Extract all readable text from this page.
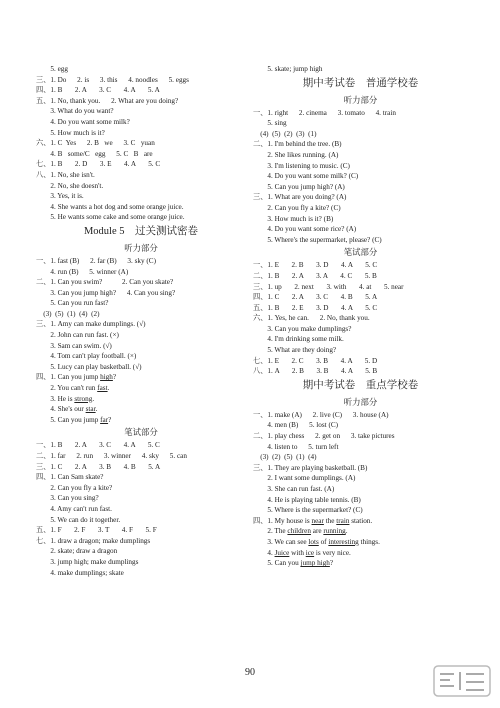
5. egg
三、1. Do      2. is      3. this      4. noodles      5. eggs
四、1. B       2. A       3. C       4. A       5. A
五、1. No, thank you.      2. What are you doing?
3. What do you want?
4. Do you want some milk?
5. How much is it?
六、1. C  Yes      2. B   we      3. C   yuan
4. B   some/C   egg      5. C   B   are
七、1. B       2. D       3. E       4. A       5. C
八、1. No, she isn't.
2. No, she doesn't.
3. Yes, it is.
4. She wants a hot dog and some orange juice.
5. He wants some cake and some orange juice.
Module 5    过关测试密卷
听力部分
一、1. fast (B)      2. far (B)      3. sky (C)
4. run (B)      5. winner (A)
二、1. Can you swim?           2. Can you skate?
3. Can you jump high?      4. Can you sing?
5. Can you run fast?
(3)  (5)  (1)  (4)  (2)
三、1. Amy can make dumplings. (√)
2. John can run fast. (×)
3. Sam can swim. (√)
4. Tom can't play football. (×)
5. Lucy can play basketball. (√)
四、1. Can you jump high?
2. You can't run fast.
3. He is strong.
4. She's our star.
5. Can you jump far?
笔试部分
一、1. B       2. A       3. C       4. A       5. C
二、1. far      2. run      3. winner      4. sky      5. can
三、1. C       2. A       3. B       4. B       5. A
四、1. Can Sam skate?
2. Can you fly a kite?
3. Can you sing?
4. Amy can't run fast.
5. We can do it together.
五、1. F       2. F       3. T       4. F       5. F
七、1. draw a dragon; make dumplings
2. skate; draw a dragon
3. jump high; make dumplings
4. make dumplings; skate
5. skate; jump high
期中考试卷    普通学校卷
听力部分
一、1. right      2. cinema      3. tomato      4. train
5. sing
(4)  (5)  (2)  (3)  (1)
二、1. I'm behind the tree. (B)
2. She likes running. (A)
3. I'm listening to music. (C)
4. Do you want some milk? (C)
5. Can you jump high? (A)
三、1. What are you doing? (A)
2. Can you fly a kite? (C)
3. How much is it? (B)
4. Do you want some rice? (A)
5. Where's the supermarket, please? (C)
笔试部分
一、1. E       2. B       3. D       4. A       5. C
二、1. B       2. A       3. A       4. C       5. B
三、1. up       2. next       3. with       4. at       5. near
四、1. C       2. A       3. C       4. B       5. A
五、1. B       2. E       3. D       4. A       5. C
六、1. Yes, he can.      2. No, thank you.
3. Can you make dumplings?
4. I'm drinking some milk.
5. What are they doing?
七、1. E       2. C       3. B       4. A       5. D
八、1. A       2. B       3. B       4. A       5. B
期中考试卷    重点学校卷
听力部分
一、1. make (A)      2. live (C)      3. house (A)
4. men (B)      5. lost (C)
二、1. play chess      2. get on      3. take pictures
4. listen to      5. turn left
(3)  (2)  (5)  (1)  (4)
三、1. They are playing basketball. (B)
2. I want some dumplings. (A)
3. She can run fast. (A)
4. He is playing table tennis. (B)
5. Where is the supermarket? (C)
四、1. My house is near the train station.
2. The children are running.
3. We can see lots of interesting things.
4. Juice with ice is very nice.
5. Can you jump high?
90
